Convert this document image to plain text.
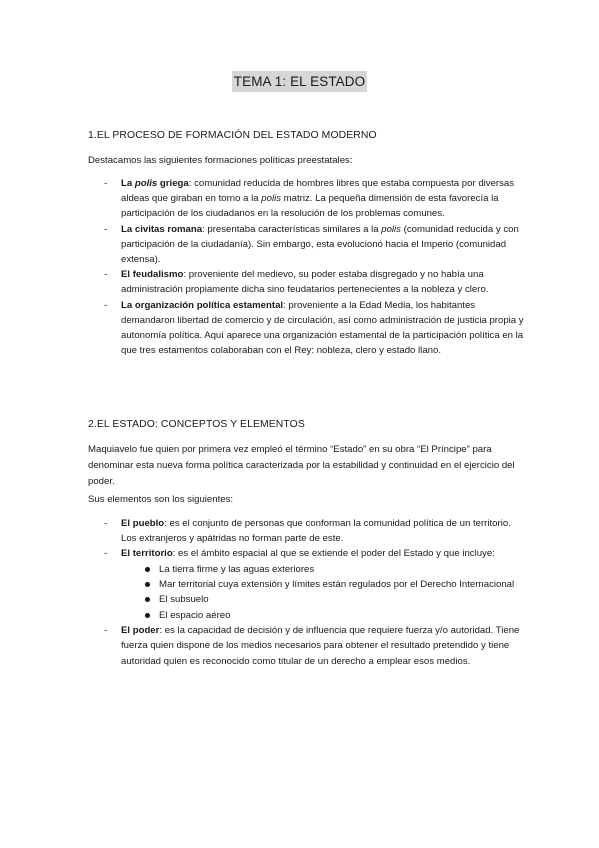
TEMA 1: EL ESTADO
1.EL PROCESO DE FORMACIÓN DEL ESTADO MODERNO
Destacamos las siguientes formaciones políticas preestatales:
- La polis griega: comunidad reducida de hombres libres que estaba compuesta por diversas aldeas que giraban en torno a la polis matriz. La pequeña dimensión de esta favorecía la participación de los ciudadanos en la resolución de los problemas comunes.
- La civitas romana: presentaba características similares a la polis (comunidad reducida y con participación de la ciudadanía). Sin embargo, esta evolucionó hacia el Imperio (comunidad extensa).
- El feudalismo: proveniente del medievo, su poder estaba disgregado y no había una administración propiamente dicha sino feudatarios pertenecientes a la nobleza y clero.
- La organización política estamental: proveniente a la Edad Media, los habitantes demandaron libertad de comercio y de circulación, así como administración de justicia propia y autonomía política. Aquí aparece una organización estamental de la participación política en la que tres estamentos colaboraban con el Rey: nobleza, clero y estado llano.
2.EL ESTADO: CONCEPTOS Y ELEMENTOS
Maquiavelo fue quien por primera vez empleó el término “Estado” en su obra “El Príncipe” para denominar esta nueva forma política caracterizada por la estabilidad y continuidad en el ejercicio del poder.
Sus elementos son los siguientes:
- El pueblo: es el conjunto de personas que conforman la comunidad política de un territorio. Los extranjeros y apátridas no forman parte de este.
- El territorio: es el ámbito espacial al que se extiende el poder del Estado y que incluye:
La tierra firme y las aguas exteriores
Mar territorial cuya extensión y límites están regulados por el Derecho Internacional
El subsuelo
El espacio aéreo
- El poder: es la capacidad de decisión y de influencia que requiere fuerza y/o autoridad. Tiene fuerza quien dispone de los medios necesarios para obtener el resultado pretendido y tiene autoridad quien es reconocido como titular de un derecho a emplear esos medios.
